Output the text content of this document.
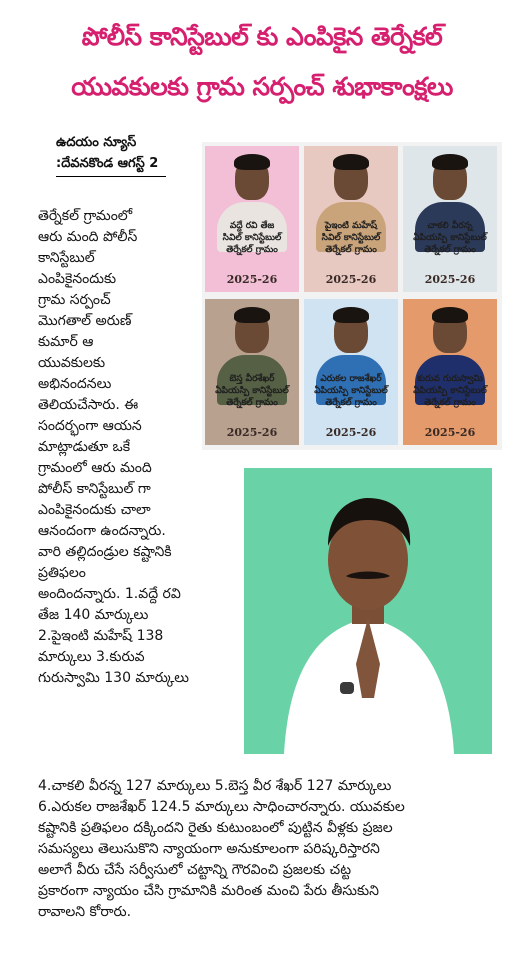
పోలీస్ కానిస్టేబుల్ కు ఎంపికైన తెర్నేకల్
యువకులకు గ్రామ సర్పంచ్ శుభాకాంక్షలు
ఉదయం న్యూస్
:దేవనకొండ ఆగస్ట్ 2
వద్దే రవి తేజ
సివిల్ కానిస్టేబుల్
తెర్నేకల్ గ్రామం
2025-26
పైఇంటి మహేష్
సివిల్ కానిస్టేబుల్
తెర్నేకల్ గ్రామం
2025-26
చాకలి వీరన్న
ఏపియస్పి కానిస్టేబుల్
తెర్నేకల్ గ్రామం
2025-26
బెస్త వీరశేఖర్
ఏపియస్పి కానిస్టేబుల్
తెర్నేకల్ గ్రామం
2025-26
ఎరుకల రాజశేఖర్
ఏపియస్పి కానిస్టేబుల్
తెర్నేకల్ గ్రామం
2025-26
కురువ గురుస్వామి
ఏపియస్పి కానిస్టేబుల్
తెర్నేకల్ గ్రామం
2025-26
తెర్నేకల్ గ్రామంలో
ఆరు మంది పోలీస్
కానిస్టేబుల్
ఎంపికైనందుకు
గ్రామ సర్పంచ్
మొగతాల్ అరుణ్
కుమార్ ఆ
యువకులకు
అభినందనలు
తెలియచేసారు. ఈ
సందర్భంగా ఆయన
మాట్లాడుతూ ఒకే
గ్రామంలో ఆరు మంది
పోలీస్ కానిస్టేబుల్ గా
ఎంపికైనందుకు చాలా
ఆనందంగా ఉందన్నారు.
వారి తల్లిదండ్రుల కష్టానికి
ప్రతిఫలం
అందిందన్నారు. 1.వద్దే రవి
తేజ 140 మార్కులు
2.పైఇంటి మహేష్ 138
మార్కులు 3.కురువ
గురుస్వామి 130 మార్కులు
4.చాకలి వీరన్న 127 మార్కులు 5.బెస్త వీర శేఖర్ 127 మార్కులు
6.ఎరుకల రాజశేఖర్ 124.5 మార్కులు సాధించారన్నారు. యువకుల
కష్టానికి ప్రతిఫలం దక్కిందని రైతు కుటుంబంలో పుట్టిన వీళ్లకు ప్రజల
సమస్యలు తెలుసుకొని న్యాయంగా అనుకూలంగా పరిష్కరిస్తారని
అలాగే వీరు చేసే సర్వీసులో చట్టాన్ని గౌరవించి ప్రజలకు చట్ట
ప్రకారంగా న్యాయం చేసి గ్రామానికి మరింత మంచి పేరు తీసుకుని
రావాలని కోరారు.
